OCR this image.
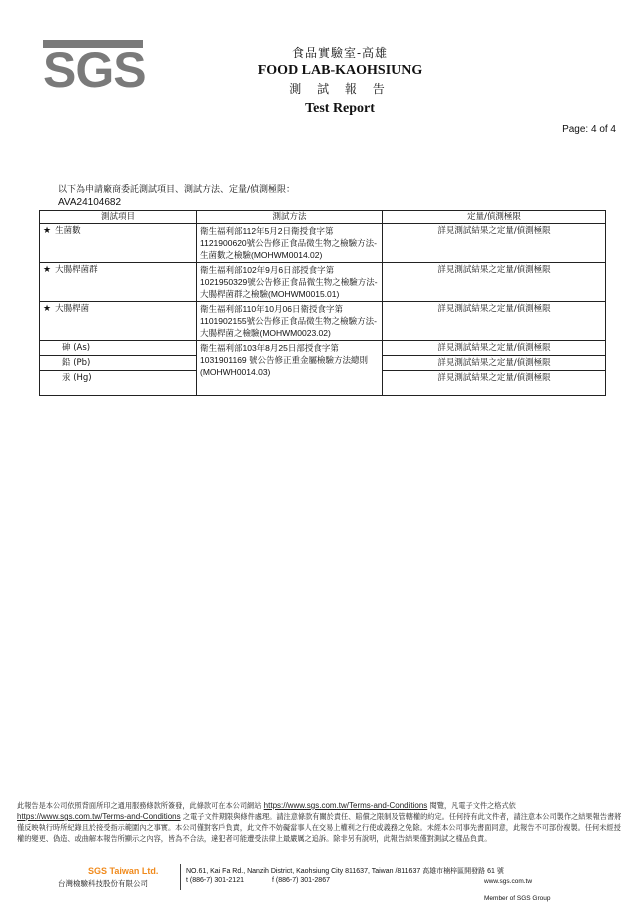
SGS	食品實驗室-高雄
FOOD LAB-KAOHSIUNG
測 試 報 告
Test Report
Page: 4 of 4
以下為申請廠商委託測試項目、測試方法、定量/偵測極限：
AVA24104682
測試項目	測試方法	定量/偵測極限
★ 生菌數	衛生福利部112年5月2日衛授食字第 1121900620號公告修正食品微生物之檢驗方法-生菌數之檢驗(MOHWM0014.02)	詳見測試結果之定量/偵測極限
★ 大腸桿菌群	衛生福利部102年9月6日部授食字第1021950329號公告修正食品微生物之檢驗方法-大腸桿菌群之檢驗(MOHWM0015.01)	詳見測試結果之定量/偵測極限
★ 大腸桿菌	衛生福利部110年10月06日衛授食字第1101902155號公告修正食品微生物之檢驗方法-大腸桿菌之檢驗(MOHWM0023.02)	詳見測試結果之定量/偵測極限
砷 (As)	衛生福利部103年8月25日部授食字第1031901169 號公告修正重金屬檢驗方法總則(MOHWH0014.03)	詳見測試結果之定量/偵測極限
鉛 (Pb)		詳見測試結果之定量/偵測極限
汞 (Hg)		詳見測試結果之定量/偵測極限
此報告是本公司依照背面所印之通用服務條款所簽發，此條款可在本公司網站 https://www.sgs.com.tw/Terms-and-Conditions 閱覽，凡電子文件之格式依
https://www.sgs.com.tw/Terms-and-Conditions 之電子文件期限與條件處理。請注意條款有關於責任、賠償之限制及管轄權的約定。任何持有此文件者，請注意本公司製作之結果報告書將僅反映執行時所紀錄且於接受指示範圍內之事實。本公司僅對客戶負責，此文件不妨礙當事人在交易上權利之行使或義務之免除。未經本公司事先書面同意，此報告不可部份複製。任何未經授權的變更、偽造、或曲解本報告所顯示之內容，皆為不合法，違犯者可能遭受法律上最嚴厲之追訴。除非另有說明，此報告結果僅對測試之樣品負責。
SGS Taiwan Ltd.
台灣檢驗科技股份有限公司
NO.61, Kai Fa Rd., Nanzih District, Kaohsiung City 811637, Taiwan /811637 高雄市楠梓區開發路 61 號
t (886-7) 301-2121	f (886-7) 301-2867	www.sgs.com.tw
Member of SGS Group
